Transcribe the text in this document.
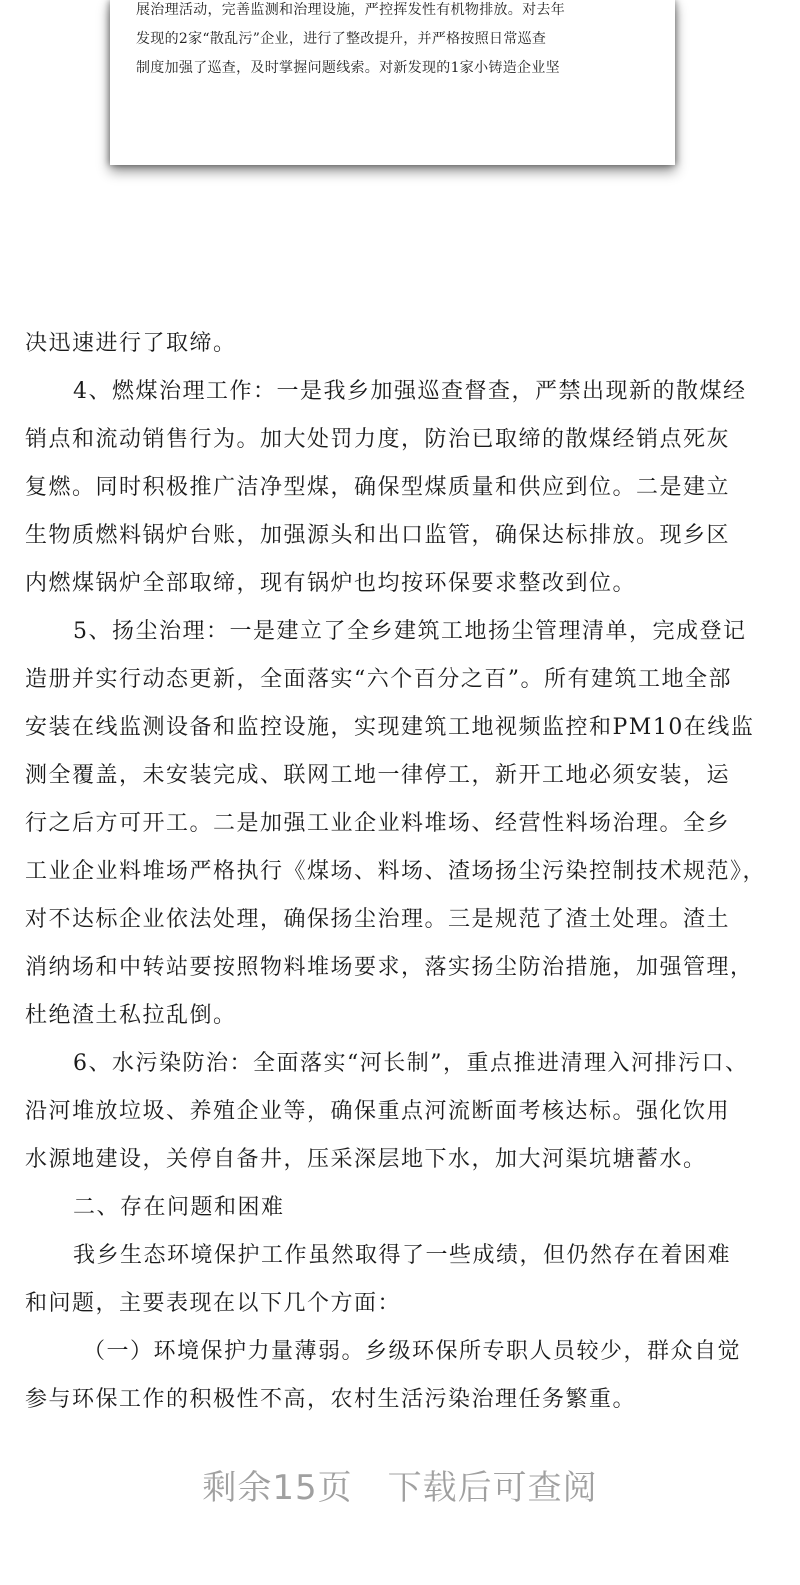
展治理活动，完善监测和治理设施，严控挥发性有机物排放。对去年
发现的2家“散乱污”企业，进行了整改提升，并严格按照日常巡查
制度加强了巡查，及时掌握问题线索。对新发现的1家小铸造企业坚
决迅速进行了取缔。
4、燃煤治理工作：一是我乡加强巡查督查，严禁出现新的散煤经
销点和流动销售行为。加大处罚力度，防治已取缔的散煤经销点死灰
复燃。同时积极推广洁净型煤，确保型煤质量和供应到位。二是建立
生物质燃料锅炉台账，加强源头和出口监管，确保达标排放。现乡区
内燃煤锅炉全部取缔，现有锅炉也均按环保要求整改到位。
5、扬尘治理：一是建立了全乡建筑工地扬尘管理清单，完成登记
造册并实行动态更新，全面落实“六个百分之百”。所有建筑工地全部
安装在线监测设备和监控设施，实现建筑工地视频监控和PM10在线监
测全覆盖，未安装完成、联网工地一律停工，新开工地必须安装，运
行之后方可开工。二是加强工业企业料堆场、经营性料场治理。全乡
工业企业料堆场严格执行《煤场、料场、渣场扬尘污染控制技术规范》，
对不达标企业依法处理，确保扬尘治理。三是规范了渣土处理。渣土
消纳场和中转站要按照物料堆场要求，落实扬尘防治措施，加强管理，
杜绝渣土私拉乱倒。
6、水污染防治：全面落实“河长制”，重点推进清理入河排污口、
沿河堆放垃圾、养殖企业等，确保重点河流断面考核达标。强化饮用
水源地建设，关停自备井，压采深层地下水，加大河渠坑塘蓄水。
二、存在问题和困难
我乡生态环境保护工作虽然取得了一些成绩，但仍然存在着困难
和问题，主要表现在以下几个方面：
（一）环境保护力量薄弱。乡级环保所专职人员较少，群众自觉
参与环保工作的积极性不高，农村生活污染治理任务繁重。
剩余15页　下载后可查阅
